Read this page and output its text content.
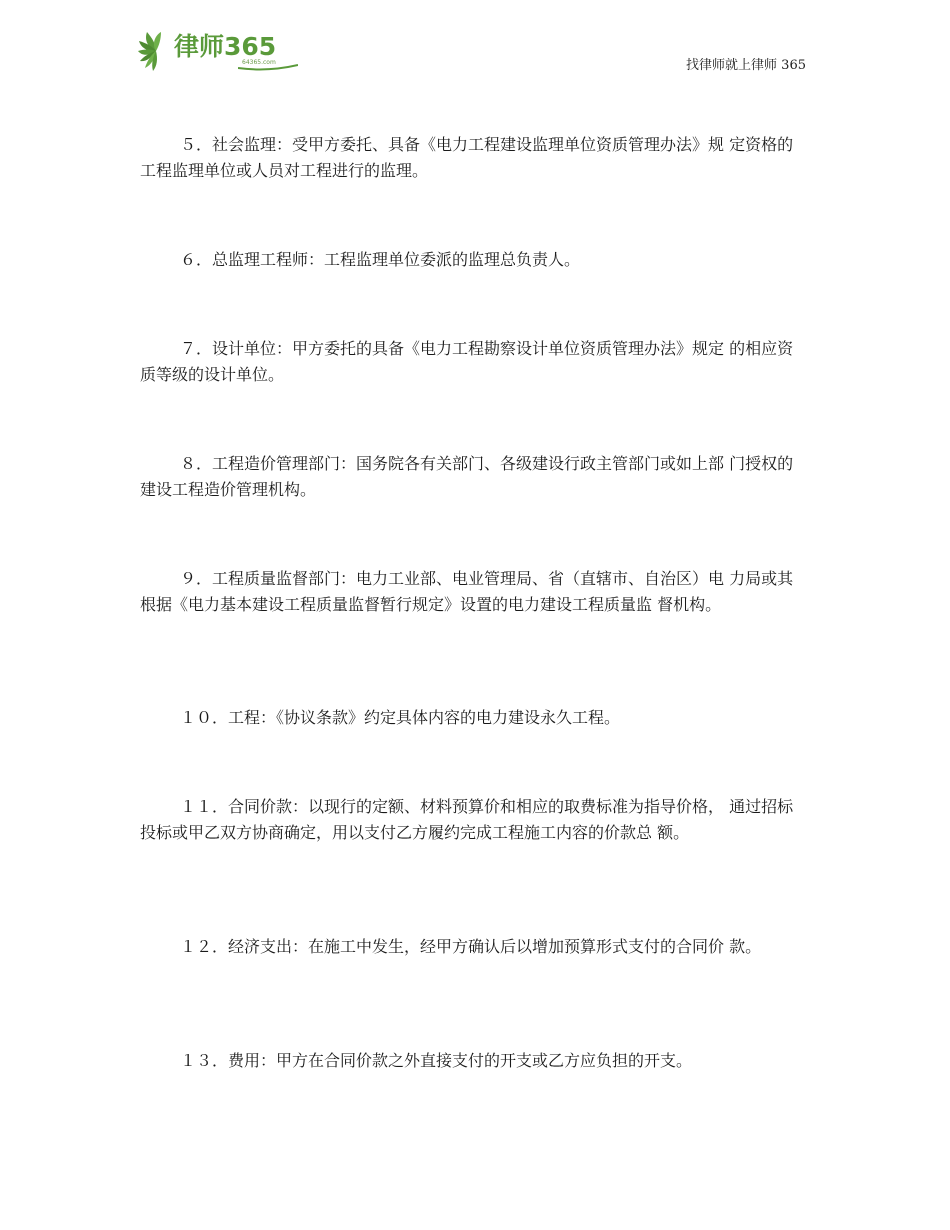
律师365
64365.com	找律师就上律师 365

５．社会监理：受甲方委托、具备《电力工程建设监理单位资质管理办法》规 定资格的工程监理单位或人员对工程进行的监理。

６．总监理工程师：工程监理单位委派的监理总负责人。

７．设计单位：甲方委托的具备《电力工程勘察设计单位资质管理办法》规定 的相应资质等级的设计单位。

８．工程造价管理部门：国务院各有关部门、各级建设行政主管部门或如上部 门授权的建设工程造价管理机构。

９．工程质量监督部门：电力工业部、电业管理局、省（直辖市、自治区）电 力局或其根据《电力基本建设工程质量监督暂行规定》设置的电力建设工程质量监 督机构。

１０．工程：《协议条款》约定具体内容的电力建设永久工程。

１１．合同价款：以现行的定额、材料预算价和相应的取费标准为指导价格， 通过招标投标或甲乙双方协商确定，用以支付乙方履约完成工程施工内容的价款总 额。

１２．经济支出：在施工中发生，经甲方确认后以增加预算形式支付的合同价 款。

１３．费用：甲方在合同价款之外直接支付的开支或乙方应负担的开支。
